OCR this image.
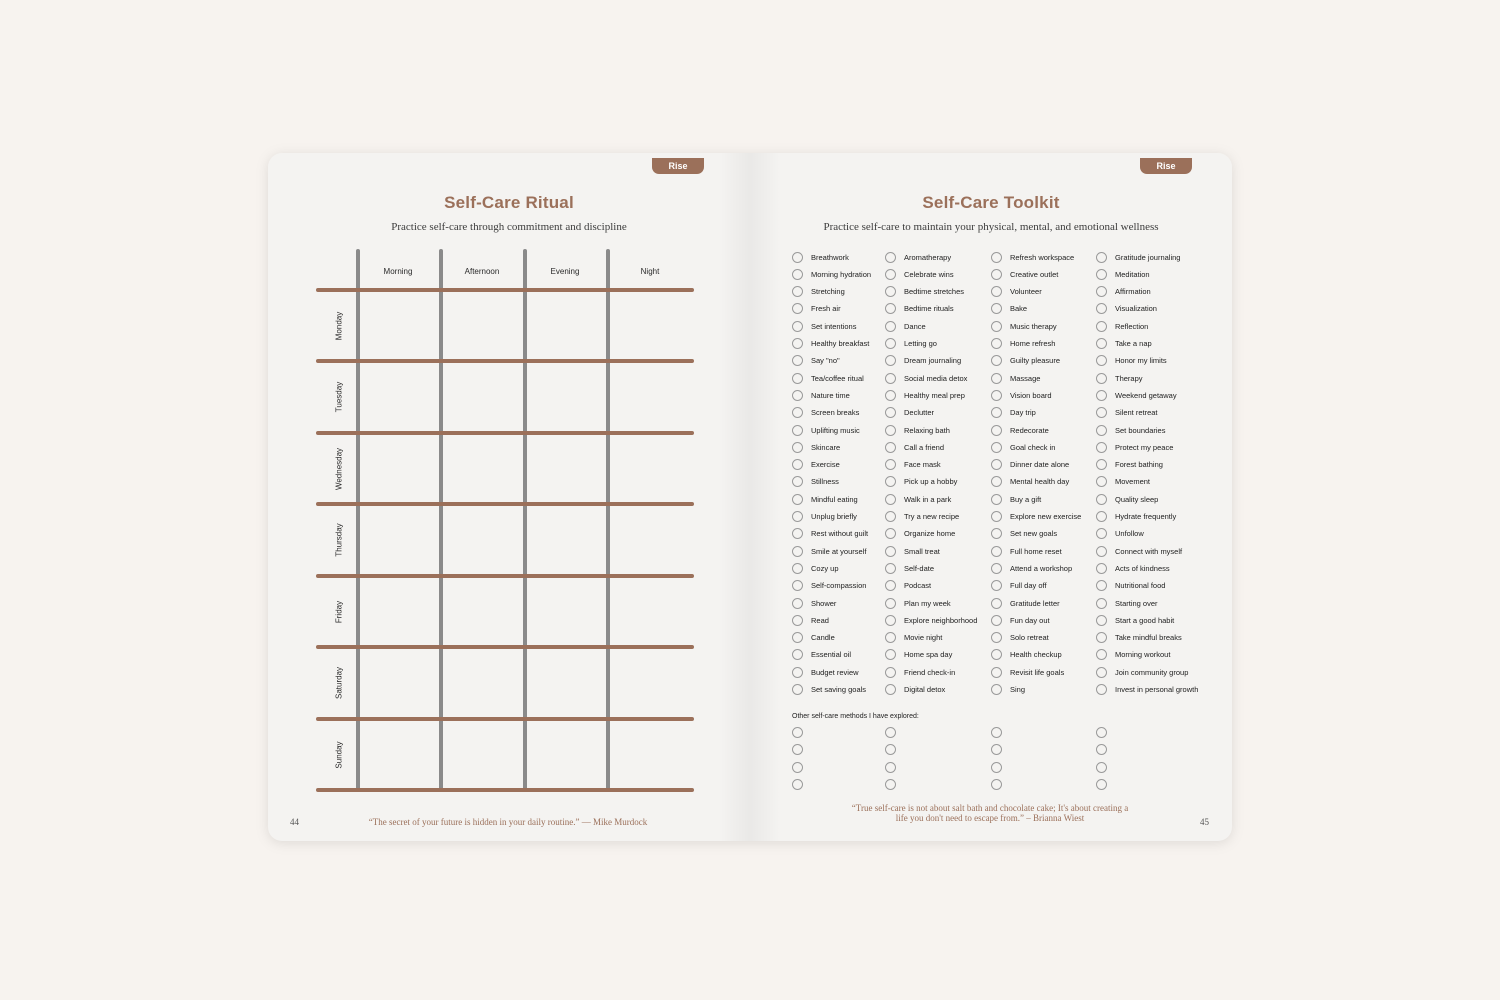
Rise
Self-Care Ritual
Practice self-care through commitment and discipline
Morning	Afternoon	Evening	Night
Monday
Tuesday
Wednesday
Thursday
Friday
Saturday
Sunday
44	“The secret of your future is hidden in your daily routine.” — Mike Murdock
Rise
Self-Care Toolkit
Practice self-care to maintain your physical, mental, and emotional wellness
Breathwork
Morning hydration
Stretching
Fresh air
Set intentions
Healthy breakfast
Say "no"
Tea/coffee ritual
Nature time
Screen breaks
Uplifting music
Skincare
Exercise
Stillness
Mindful eating
Unplug briefly
Rest without guilt
Smile at yourself
Cozy up
Self-compassion
Shower
Read
Candle
Essential oil
Budget review
Set saving goals
Aromatherapy
Celebrate wins
Bedtime stretches
Bedtime rituals
Dance
Letting go
Dream journaling
Social media detox
Healthy meal prep
Declutter
Relaxing bath
Call a friend
Face mask
Pick up a hobby
Walk in a park
Try a new recipe
Organize home
Small treat
Self-date
Podcast
Plan my week
Explore neighborhood
Movie night
Home spa day
Friend check-in
Digital detox
Refresh workspace
Creative outlet
Volunteer
Bake
Music therapy
Home refresh
Guilty pleasure
Massage
Vision board
Day trip
Redecorate
Goal check in
Dinner date alone
Mental health day
Buy a gift
Explore new exercise
Set new goals
Full home reset
Attend a workshop
Full day off
Gratitude letter
Fun day out
Solo retreat
Health checkup
Revisit life goals
Sing
Gratitude journaling
Meditation
Affirmation
Visualization
Reflection
Take a nap
Honor my limits
Therapy
Weekend getaway
Silent retreat
Set boundaries
Protect my peace
Forest bathing
Movement
Quality sleep
Hydrate frequently
Unfollow
Connect with myself
Acts of kindness
Nutritional food
Starting over
Start a good habit
Take mindful breaks
Morning workout
Join community group
Invest in personal growth
Other self-care methods I have explored:
“True self-care is not about salt bath and chocolate cake; It's about creating a
life you don't need to escape from.” – Brianna Wiest	45
